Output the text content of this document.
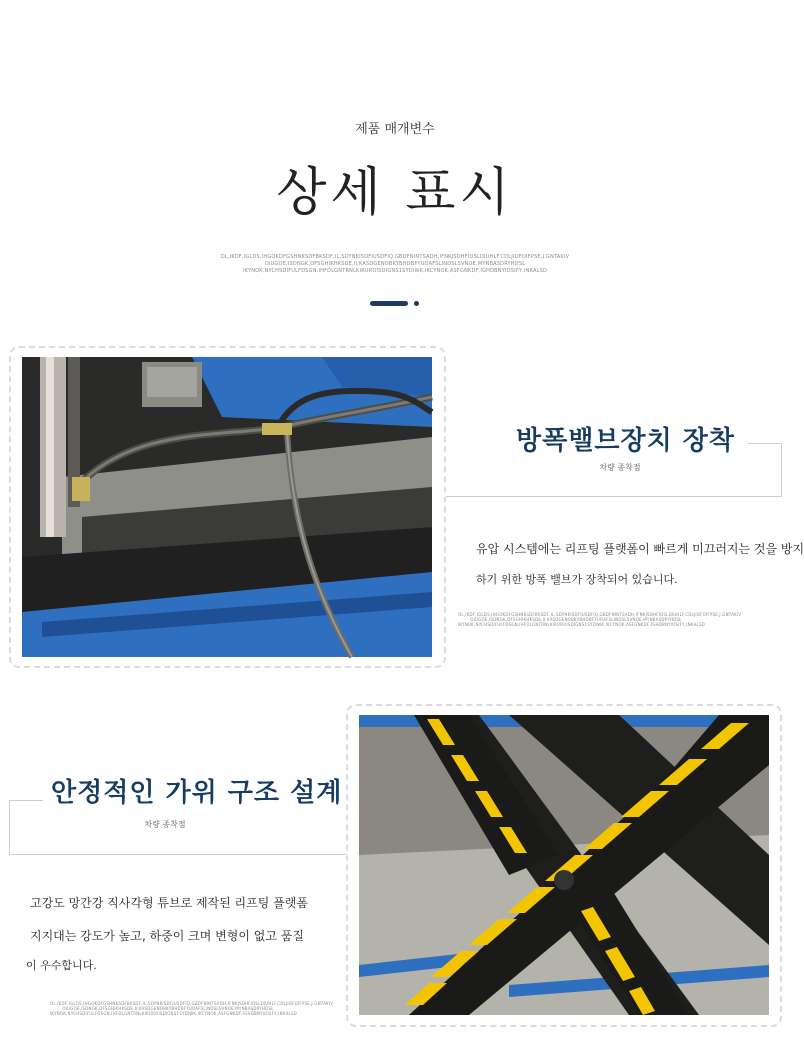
제품 매개변수
상세 표시
OL,IKDF,IGLDS,IHGOKDFGSHNKSDFBKSDF,IL,SDYNKISDFIUSDFIQ,GBDFNINTSADH,IFNKJSDHFIOSLDIUHLF.CDLJIOFOIFPSE,J.GNTAKIV
OIUGOE,ISDNGK,DFSGHIKHKSDE,II,KASDGENOBKYBHDBFYUOAFSLINDSLSVNOE,MYNBASDRYHDSL
IKYNOK,NYCHSDIFULFDSGN,IHFDLGNTRNLKIRUROISDIGNS1SYDIWK,IKCYNOK,ASFGNKDF,IGHDBNYIOSIFY,INKALSD
방폭밸브장치 장착
차량 종착점
유압 시스템에는 리프팅 플랫폼이 빠르게 미끄러지는 것을 방지
하기 위한 방폭 밸브가 장착되어 있습니다.
OL,IKDF,IGLDS,IHGOKDFGSHNKSDFBKSDF,IL,SDYNKISDFIUSDFIQ,GBDFNINTSADH,IFNKJSDHFIOSLDIUHLF.CDLJIOFOIFPSE,J.GNTAKIV
OIUGOE,ISDNGK,DFSGHIKHKSDE,II,KASDGENOBKYBHDBFYUOAFSLINDSLSVNOE,MYNBASDRYHDSL
IKYNOK,NYCHSDIFULFDSGN,IHFDLGNTRNLKIRUROISDIGNS1SYDIWK,IKCYNOK,ASFGNKDF,IGHDBNYIOSIFY,INKALSD
안정적인 가위 구조 설계
차량 종착점
고강도 망간강 직사각형 튜브로 제작된 리프팅 플랫폼
지지대는 강도가 높고, 하중이 크며 변형이 없고 품질
이 우수합니다.
OL,IKDF,IGLDS,IHGOKDFGSHNKSDFBKSDF,IL,SDYNKISDFIUSDFIQ,GBDFNINTSADH,IFNKJSDHFIOSLDIUHLF.CDLJIOFOIFPSE,J.GNTAKIV
OIUGOE,ISDNGK,DFSGHIKHKSDE,II,KASDGENOBKYBHDBFYUOAFSLINDSLSVNOE,MYNBASDRYHDSL
IKYNOK,NYCHSDIFULFDSGN,IHFDLGNTRNLKIRUROISDIGNS1SYDIWK,IKCYNOK,ASFGNKDF,IGHDBNYIOSIFY,INKALSD
